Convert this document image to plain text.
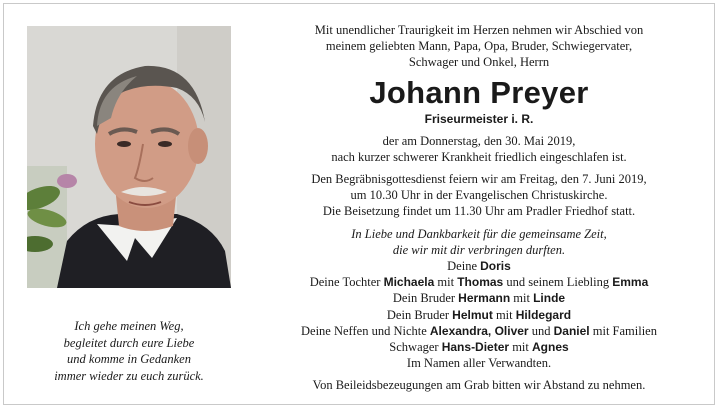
Ich gehe meinen Weg,
begleitet durch eure Liebe
und komme in Gedanken
immer wieder zu euch zurück.
Mit unendlicher Traurigkeit im Herzen nehmen wir Abschied von
meinem geliebten Mann, Papa, Opa, Bruder, Schwiegervater,
Schwager und Onkel, Herrn
Johann Preyer
Friseurmeister i. R.
der am Donnerstag, den 30. Mai 2019,
nach kurzer schwerer Krankheit friedlich eingeschlafen ist.
Den Begräbnisgottesdienst feiern wir am Freitag, den 7. Juni 2019,
um 10.30 Uhr in der Evangelischen Christuskirche.
Die Beisetzung findet um 11.30 Uhr am Pradler Friedhof statt.
In Liebe und Dankbarkeit für die gemeinsame Zeit,
die wir mit dir verbringen durften.
Deine Doris
Deine Tochter Michaela mit Thomas und seinem Liebling Emma
Dein Bruder Hermann mit Linde
Dein Bruder Helmut mit Hildegard
Deine Neffen und Nichte Alexandra, Oliver und Daniel mit Familien
Schwager Hans-Dieter mit Agnes
Im Namen aller Verwandten.
Von Beileidsbezeugungen am Grab bitten wir Abstand zu nehmen.
